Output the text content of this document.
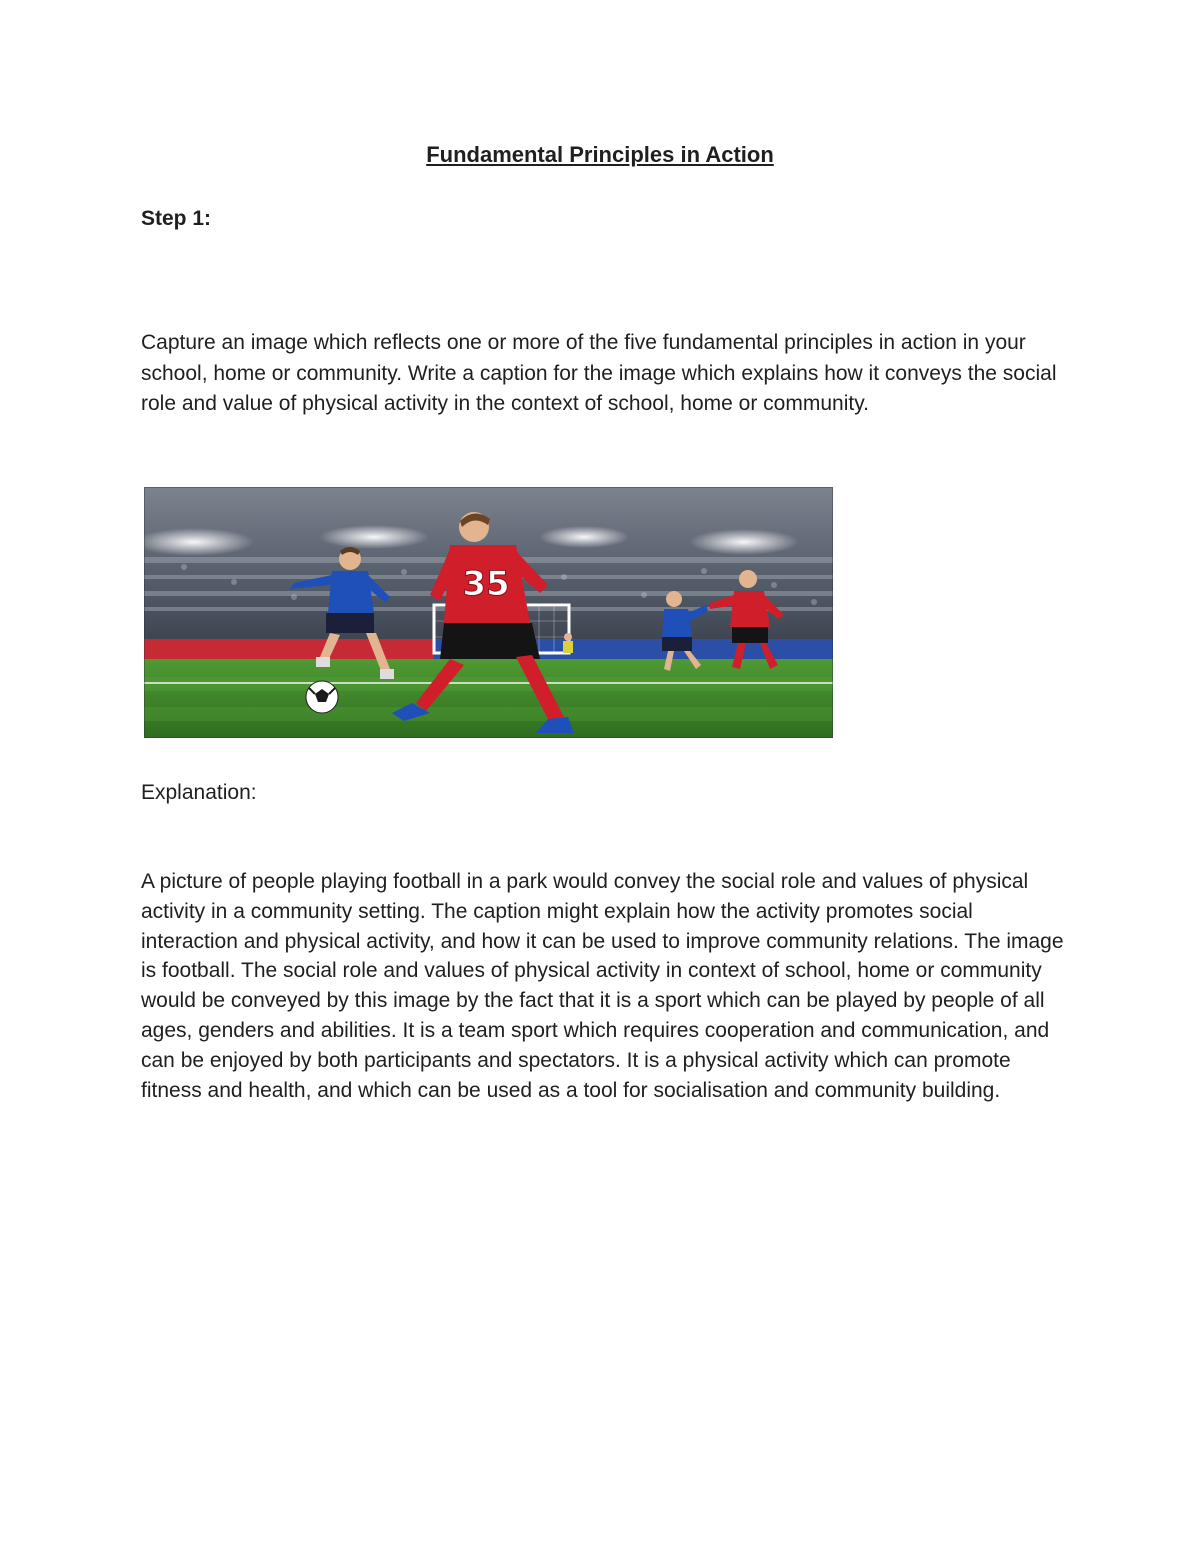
Fundamental Principles in Action
Step 1:

Capture an image which reflects one or more of the five fundamental principles in action in your school, home or community. Write a caption for the image which explains how it conveys the social role and value of physical activity in the context of school, home or community.

35

Explanation:

A picture of people playing football in a park would convey the social role and values of physical activity in a community setting. The caption might explain how the activity promotes social interaction and physical activity, and how it can be used to improve community relations. The image is football. The social role and values of physical activity in context of school, home or community would be conveyed by this image by the fact that it is a sport which can be played by people of all ages, genders and abilities. It is a team sport which requires cooperation and communication, and can be enjoyed by both participants and spectators. It is a physical activity which can promote fitness and health, and which can be used as a tool for socialisation and community building.
